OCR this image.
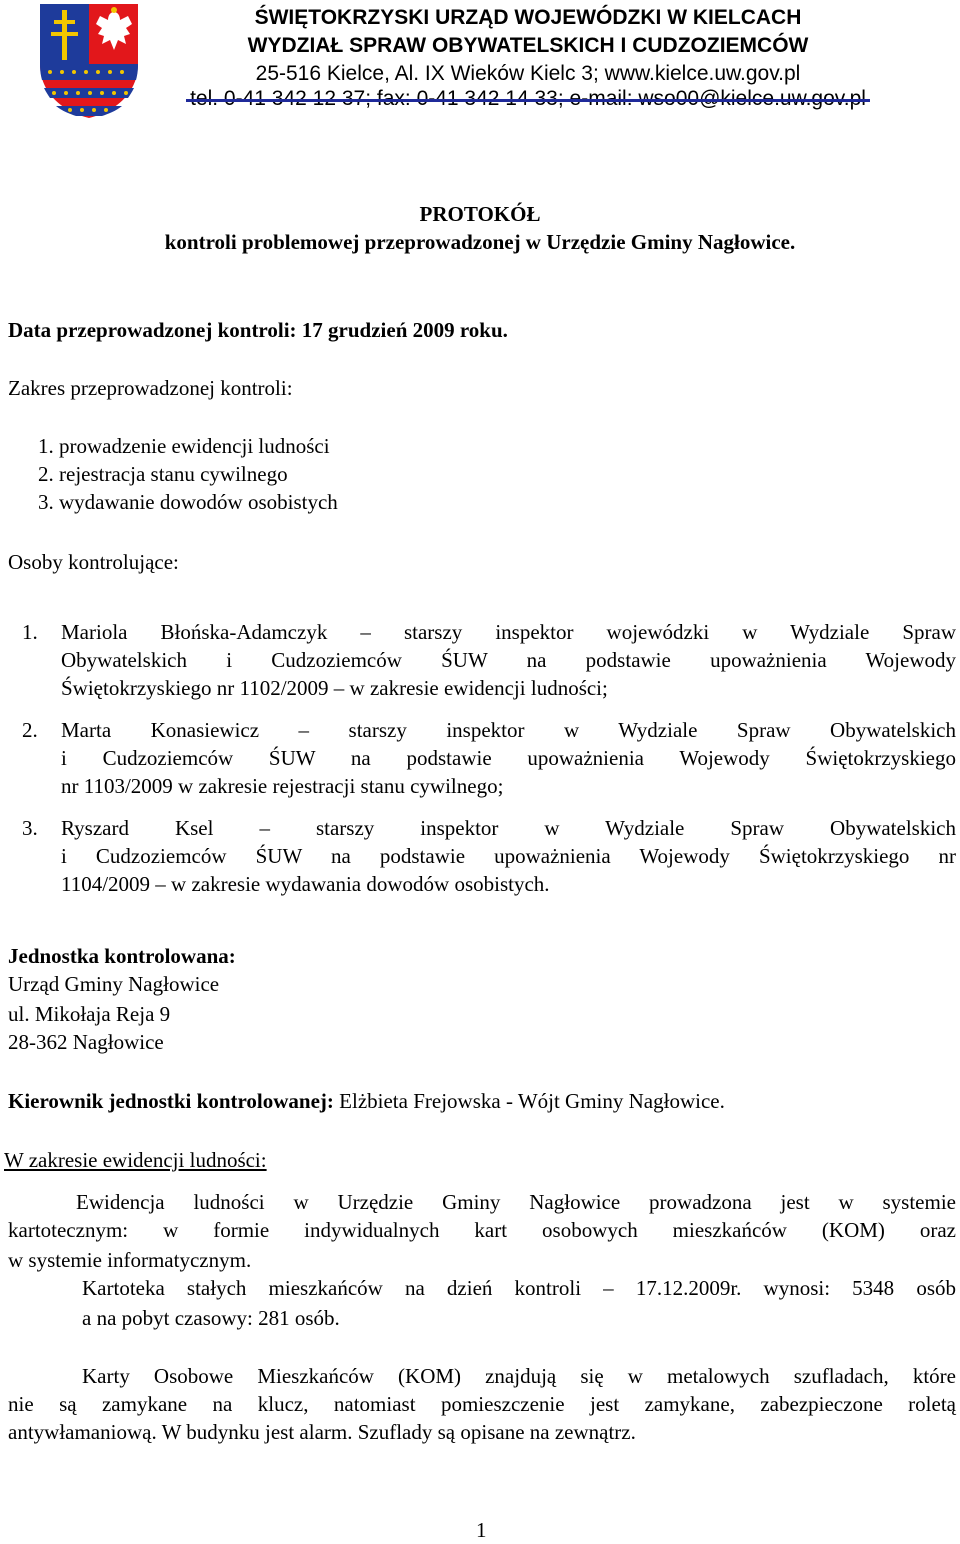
ŚWIĘTOKRZYSKI URZĄD WOJEWÓDZKI W KIELCACH
WYDZIAŁ SPRAW OBYWATELSKICH I CUDZOZIEMCÓW
25-516 Kielce, Al. IX Wieków Kielc 3; www.kielce.uw.gov.pl
PROTOKÓŁ
kontroli problemowej przeprowadzonej w Urzędzie Gminy Nagłowice.
Data przeprowadzonej kontroli: 17 grudzień 2009 roku.
Zakres przeprowadzonej kontroli:
1. prowadzenie ewidencji ludności
2. rejestracja stanu cywilnego
3. wydawanie dowodów osobistych
Osoby kontrolujące:
1. Mariola Błońska-Adamczyk – starszy inspektor wojewódzki w Wydziale Spraw
Obywatelskich i Cudzoziemców ŚUW na podstawie upoważnienia Wojewody
Świętokrzyskiego nr 1102/2009 – w zakresie ewidencji ludności;
2. Marta Konasiewicz – starszy inspektor w Wydziale Spraw Obywatelskich
i Cudzoziemców ŚUW na podstawie upoważnienia Wojewody Świętokrzyskiego
nr 1103/2009 w zakresie rejestracji stanu cywilnego;
3. Ryszard Ksel – starszy inspektor w Wydziale Spraw Obywatelskich
i Cudzoziemców ŚUW na podstawie upoważnienia Wojewody Świętokrzyskiego nr
1104/2009 – w zakresie wydawania dowodów osobistych.
Jednostka kontrolowana:
Urząd Gminy Nagłowice
ul. Mikołaja Reja 9
28-362 Nagłowice
Kierownik jednostki kontrolowanej: Elżbieta Frejowska - Wójt Gminy Nagłowice.
W zakresie ewidencji ludności:
Ewidencja ludności w Urzędzie Gminy Nagłowice prowadzona jest w systemie
kartotecznym: w formie indywidualnych kart osobowych mieszkańców (KOM) oraz
w systemie informatycznym.
Kartoteka stałych mieszkańców na dzień kontroli – 17.12.2009r. wynosi: 5348 osób
a na pobyt czasowy: 281 osób.
Karty Osobowe Mieszkańców (KOM) znajdują się w metalowych szufladach, które
nie są zamykane na klucz, natomiast pomieszczenie jest zamykane, zabezpieczone roletą
antywłamaniową. W budynku jest alarm. Szuflady są opisane na zewnątrz.
1
